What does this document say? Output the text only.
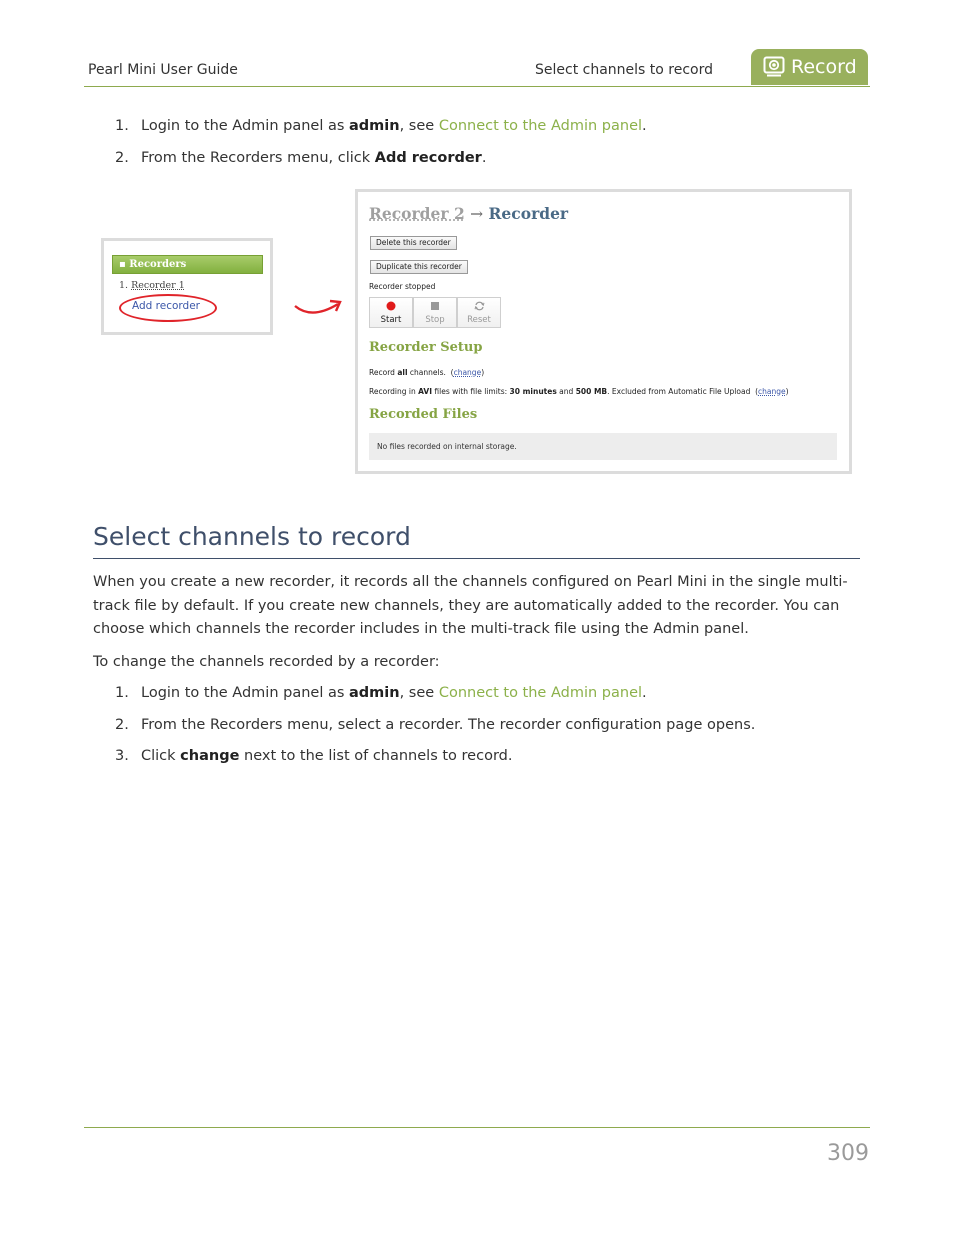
Pearl Mini User Guide	Select channels to record	Record
1. Login to the Admin panel as admin, see Connect to the Admin panel.
2. From the Recorders menu, click Add recorder.
▪ Recorders
1. Recorder 1
Add recorder
Recorder 2 → Recorder
Delete this recorder
Duplicate this recorder
Recorder stopped
Start	Stop	Reset
Recorder Setup
Record all channels.  (change)
Recording in AVI files with file limits: 30 minutes and 500 MB. Excluded from Automatic File Upload  (change)
Recorded Files
No files recorded on internal storage.
Select channels to record
When you create a new recorder, it records all the channels configured on Pearl Mini in the single multi-track file by default. If you create new channels, they are automatically added to the recorder. You can choose which channels the recorder includes in the multi-track file using the Admin panel.
To change the channels recorded by a recorder:
1. Login to the Admin panel as admin, see Connect to the Admin panel.
2. From the Recorders menu, select a recorder. The recorder configuration page opens.
3. Click change next to the list of channels to record.
309
